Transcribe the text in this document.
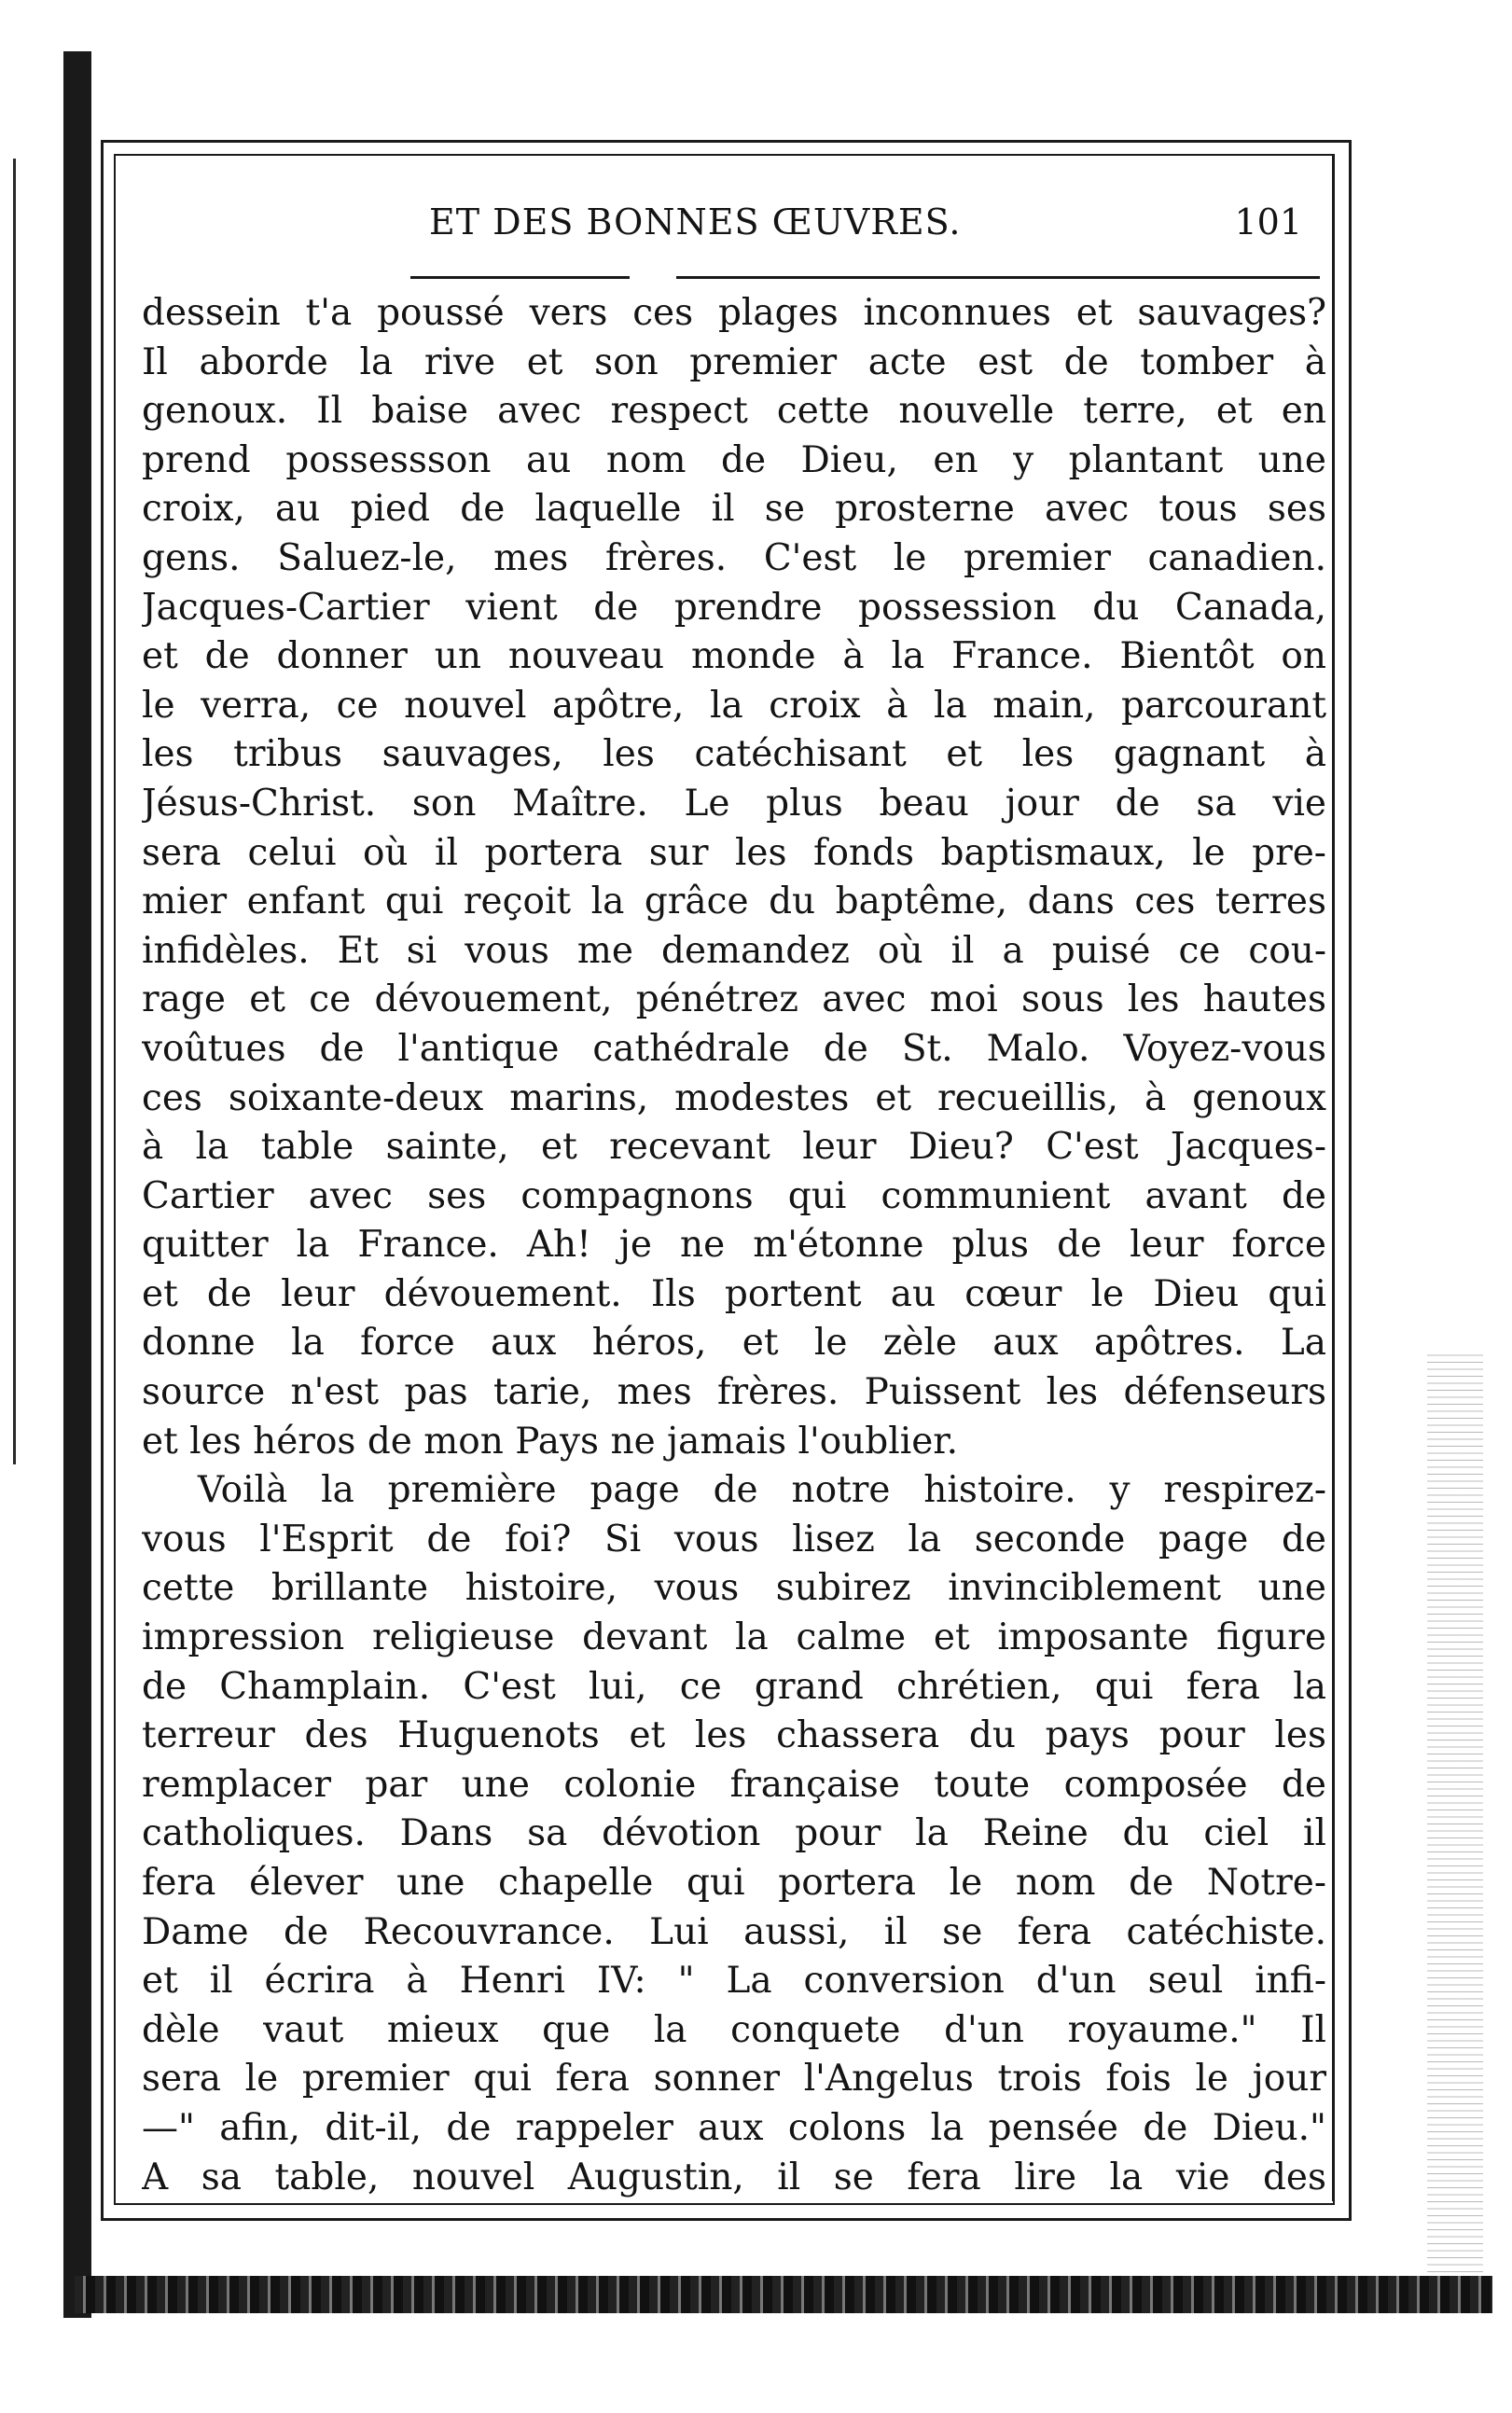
ET DES BONNES ŒUVRES.	101
dessein t'a poussé vers ces plages inconnues et sauvages?
Il aborde la rive et son premier acte est de tomber à
genoux. Il baise avec respect cette nouvelle terre, et en
prend possessson au nom de Dieu, en y plantant une
croix, au pied de laquelle il se prosterne avec tous ses
gens. Saluez-le, mes frères. C'est le premier canadien.
Jacques-Cartier vient de prendre possession du Canada,
et de donner un nouveau monde à la France. Bientôt on
le verra, ce nouvel apôtre, la croix à la main, parcourant
les tribus sauvages, les catéchisant et les gagnant à
Jésus-Christ. son Maître. Le plus beau jour de sa vie
sera celui où il portera sur les fonds baptismaux, le pre-
mier enfant qui reçoit la grâce du baptême, dans ces terres
infidèles. Et si vous me demandez où il a puisé ce cou-
rage et ce dévouement, pénétrez avec moi sous les hautes
voûtues de l'antique cathédrale de St. Malo. Voyez-vous
ces soixante-deux marins, modestes et recueillis, à genoux
à la table sainte, et recevant leur Dieu? C'est Jacques-
Cartier avec ses compagnons qui communient avant de
quitter la France. Ah! je ne m'étonne plus de leur force
et de leur dévouement. Ils portent au cœur le Dieu qui
donne la force aux héros, et le zèle aux apôtres. La
source n'est pas tarie, mes frères. Puissent les défenseurs
et les héros de mon Pays ne jamais l'oublier.
Voilà la première page de notre histoire. y respirez-
vous l'Esprit de foi? Si vous lisez la seconde page de
cette brillante histoire, vous subirez invinciblement une
impression religieuse devant la calme et imposante figure
de Champlain. C'est lui, ce grand chrétien, qui fera la
terreur des Huguenots et les chassera du pays pour les
remplacer par une colonie française toute composée de
catholiques. Dans sa dévotion pour la Reine du ciel il
fera élever une chapelle qui portera le nom de Notre-
Dame de Recouvrance. Lui aussi, il se fera catéchiste.
et il écrira à Henri IV: " La conversion d'un seul infi-
dèle vaut mieux que la conquete d'un royaume." Il
sera le premier qui fera sonner l'Angelus trois fois le jour
—" afin, dit-il, de rappeler aux colons la pensée de Dieu."
A sa table, nouvel Augustin, il se fera lire la vie des
